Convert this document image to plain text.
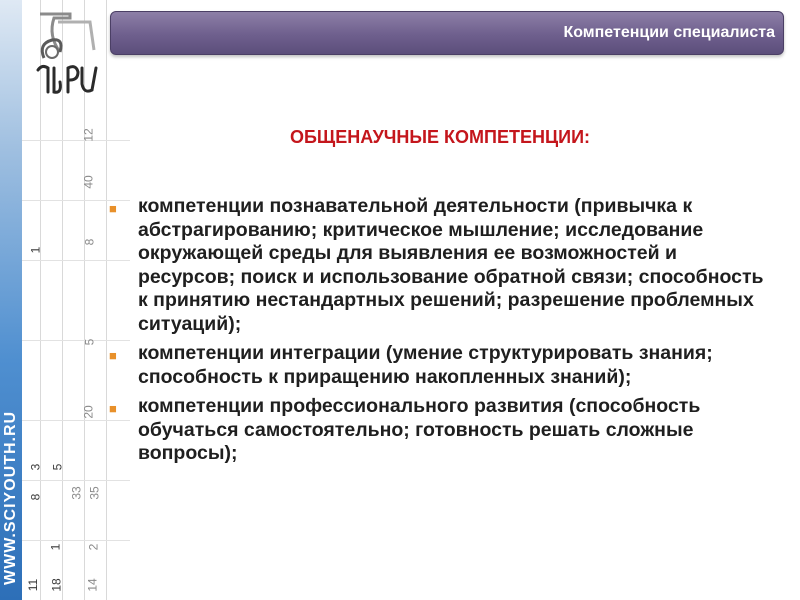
WWW.SCIYOUTH.RU
12
40
8
1
5
20
5
3
33
8	35
1 2
18 14
11
Компетенции специалиста
ОБЩЕНАУЧНЫЕ КОМПЕТЕНЦИИ:
■ компетенции познавательной деятельности (привычка к абстрагированию; критическое мышление; исследование окружающей среды для выявления ее возможностей и ресурсов; поиск и использование обратной связи; способность к принятию нестандартных решений; разрешение проблемных ситуаций);
■ компетенции интеграции (умение структурировать знания; способность к приращению накопленных знаний);
■ компетенции профессионального развития (способность обучаться самостоятельно; готовность решать сложные вопросы);
